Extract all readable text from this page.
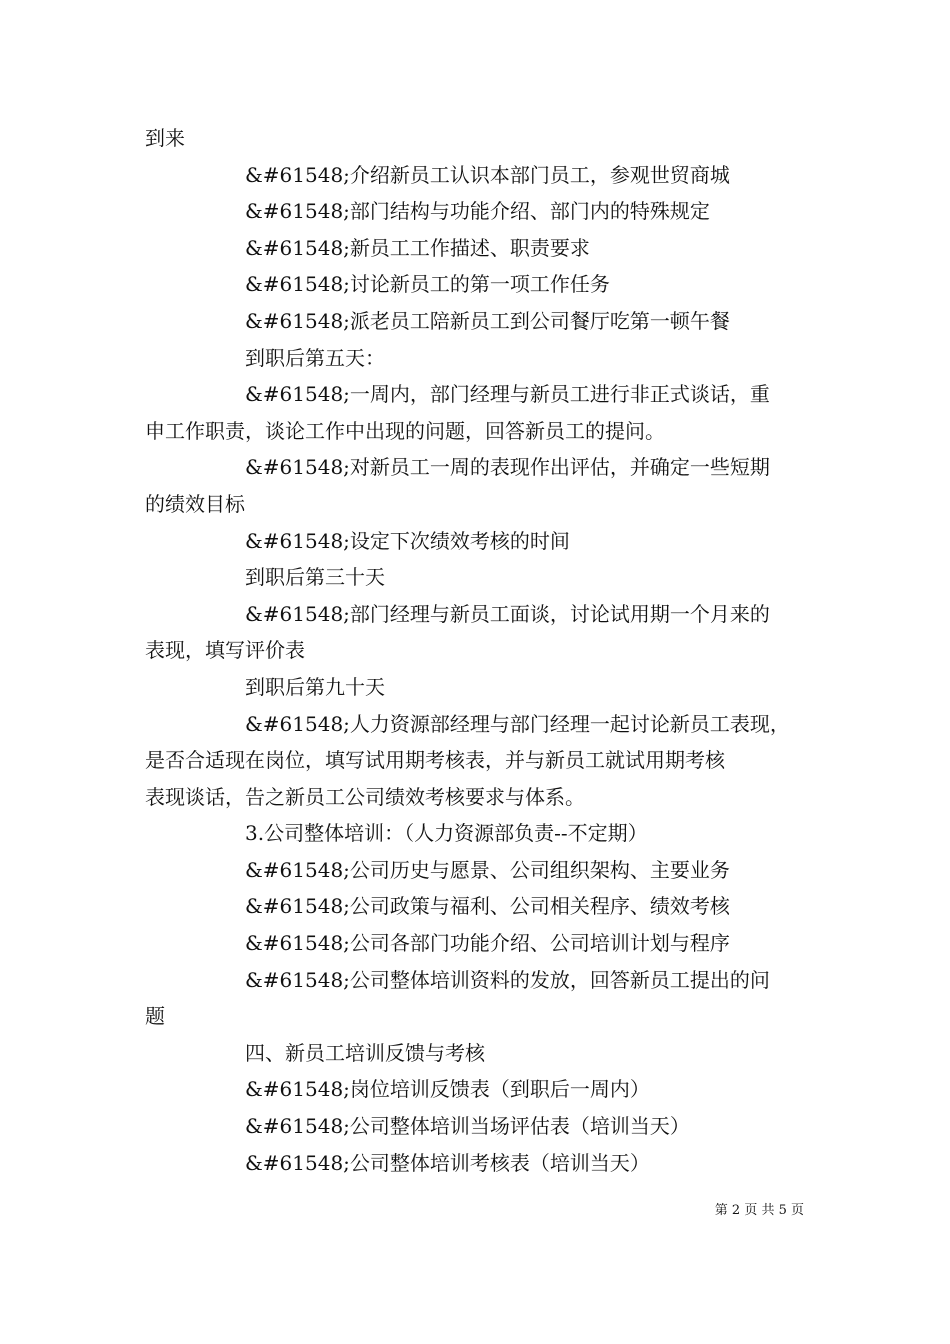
到来
&#61548;介绍新员工认识本部门员工，参观世贸商城
&#61548;部门结构与功能介绍、部门内的特殊规定
&#61548;新员工工作描述、职责要求
&#61548;讨论新员工的第一项工作任务
&#61548;派老员工陪新员工到公司餐厅吃第一顿午餐
到职后第五天：
&#61548;一周内，部门经理与新员工进行非正式谈话，重
申工作职责，谈论工作中出现的问题，回答新员工的提问。
&#61548;对新员工一周的表现作出评估，并确定一些短期
的绩效目标
&#61548;设定下次绩效考核的时间
到职后第三十天
&#61548;部门经理与新员工面谈，讨论试用期一个月来的
表现，填写评价表
到职后第九十天
&#61548;人力资源部经理与部门经理一起讨论新员工表现，
是否合适现在岗位，填写试用期考核表，并与新员工就试用期考核
表现谈话，告之新员工公司绩效考核要求与体系。
3.公司整体培训：（人力资源部负责--不定期）
&#61548;公司历史与愿景、公司组织架构、主要业务
&#61548;公司政策与福利、公司相关程序、绩效考核
&#61548;公司各部门功能介绍、公司培训计划与程序
&#61548;公司整体培训资料的发放，回答新员工提出的问
题
四、新员工培训反馈与考核
&#61548;岗位培训反馈表（到职后一周内）
&#61548;公司整体培训当场评估表（培训当天）
&#61548;公司整体培训考核表（培训当天）
第 2 页 共 5 页
